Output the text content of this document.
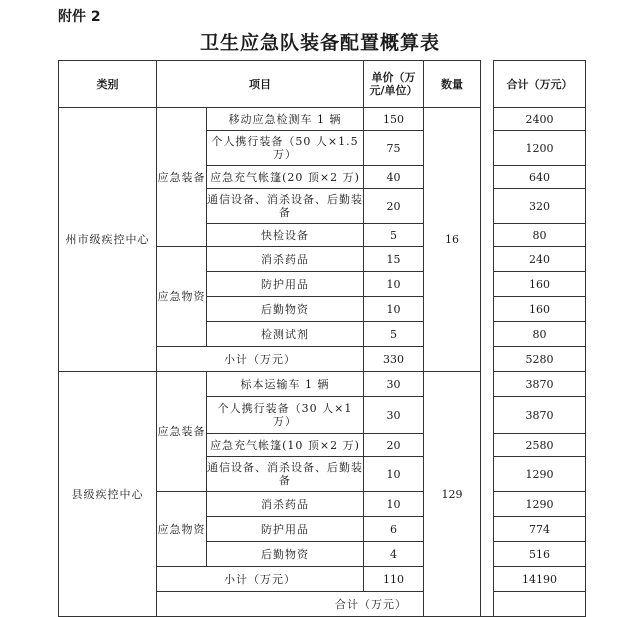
附件 2
卫生应急队装备配置概算表
类别	项目		单价（万元/单位）	数量		合计（万元）	
州市级疾控中心	应急装备	移动应急检测车 1 辆	150	16		2400	
		个人携行装备（50 人×1.5 万）	75			1200	
		应急充气帐篷(20 顶×2 万)	40			640	
		通信设备、消杀设备、后勤装备	20			320	
		快检设备	5			80	
	应急物资	消杀药品	15			240	
		防护用品	10			160	
		后勤物资	10			160	
		检测试剂	5			80	
	小计（万元）		330			5280	
县级疾控中心	应急装备	标本运输车 1 辆	30	129		3870	
		个人携行装备（30 人×1 万）	30			3870	
		应急充气帐篷(10 顶×2 万)	20			2580	
		通信设备、消杀设备、后勤装备	10			1290	
	应急物资	消杀药品	10			1290	
		防护用品	6			774	
		后勤物资	4			516	
	小计（万元）		110			14190	
	合计（万元）	
